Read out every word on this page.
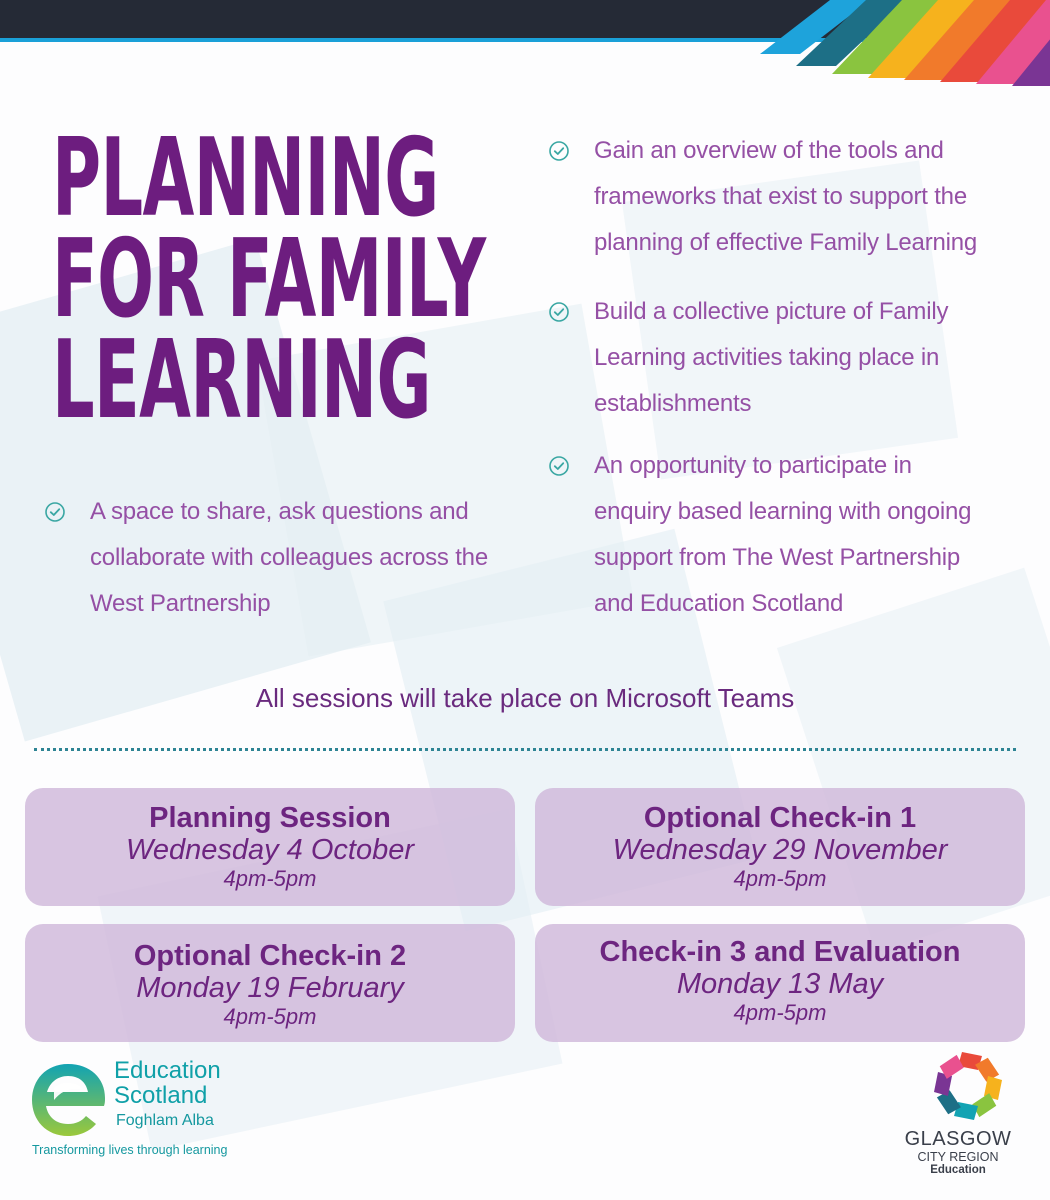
PLANNING
FOR FAMILY
LEARNING
Gain an overview of the tools and frameworks that exist to support the planning of effective Family Learning
Build a collective picture of Family Learning activities taking place in establishments
An opportunity to participate in enquiry based learning with ongoing support from The West Partnership and Education Scotland
A space to share, ask questions and collaborate with colleagues across the West Partnership
All sessions will take place on Microsoft Teams
Planning Session
Wednesday 4 October
4pm-5pm
Optional Check-in 1
Wednesday 29 November
4pm-5pm
Optional Check-in 2
Monday 19 February
4pm-5pm
Check-in 3 and Evaluation
Monday 13 May
4pm-5pm
Education
Scotland
Foghlam Alba
Transforming lives through learning	GLASGOW
CITY REGION
Education
